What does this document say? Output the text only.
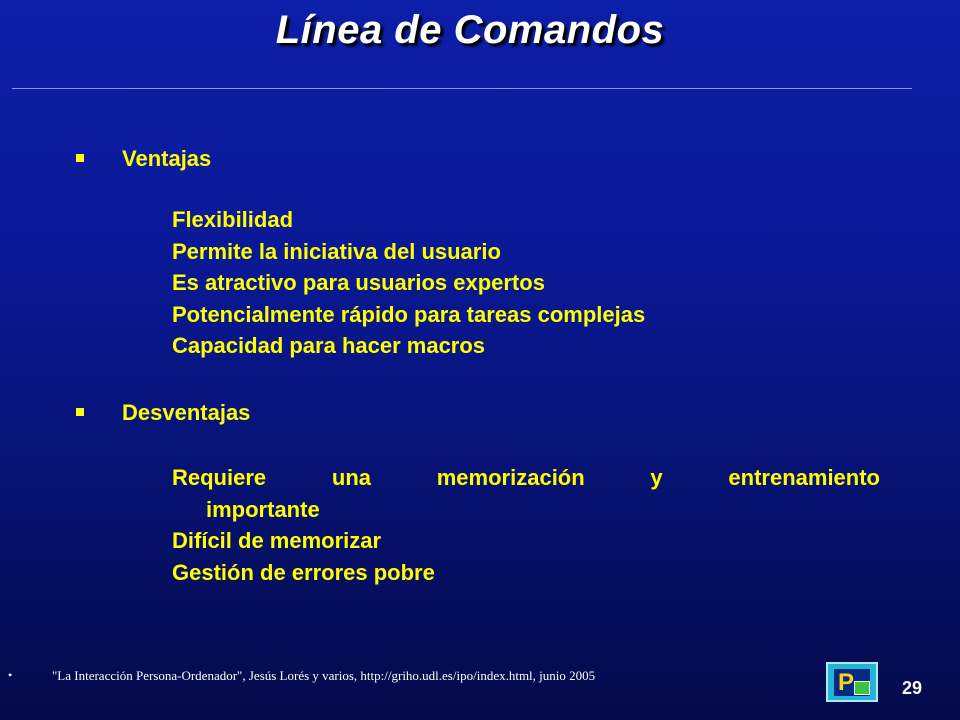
Línea de Comandos
Ventajas
Flexibilidad
Permite la iniciativa del usuario
Es atractivo para usuarios expertos
Potencialmente rápido para tareas complejas
Capacidad para hacer macros
Desventajas
Requiere	una	memorización	y	entrenamiento
importante
Difícil de memorizar
Gestión de errores pobre
•	"La Interacción Persona-Ordenador", Jesús Lorés y varios, http://griho.udl.es/ipo/index.html, junio 2005	P	29
